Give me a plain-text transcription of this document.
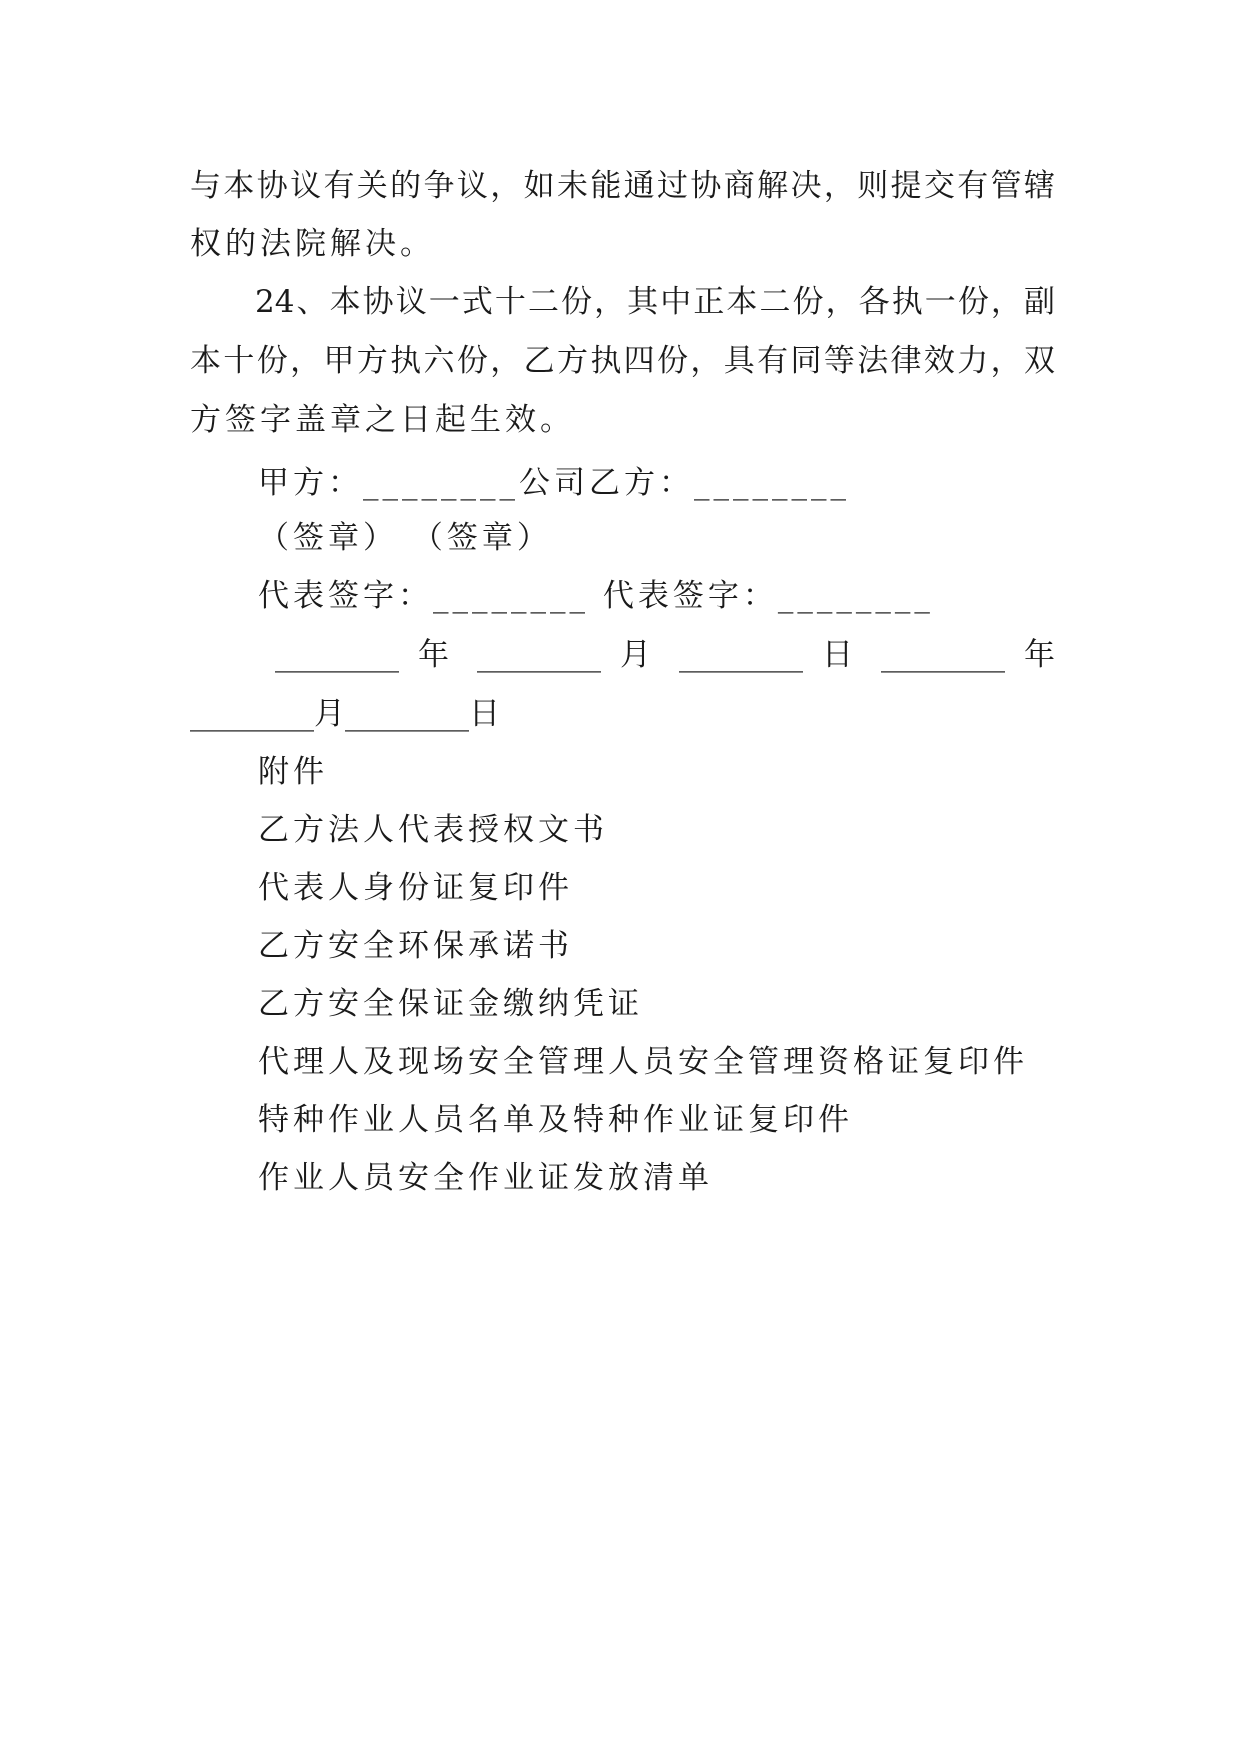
与本协议有关的争议，如未能通过协商解决，则提交有管辖
权的法院解决。
24、本协议一式十二份，其中正本二份，各执一份，副
本十份，甲方执六份，乙方执四份，具有同等法律效力，双
方签字盖章之日起生效。
甲方：________公司乙方：________
（签章） （签章）
代表签字：________ 代表签字：________
________ 年 ________ 月 ________ 日 ________ 年
________月________日
附件
乙方法人代表授权文书
代表人身份证复印件
乙方安全环保承诺书
乙方安全保证金缴纳凭证
代理人及现场安全管理人员安全管理资格证复印件
特种作业人员名单及特种作业证复印件
作业人员安全作业证发放清单
